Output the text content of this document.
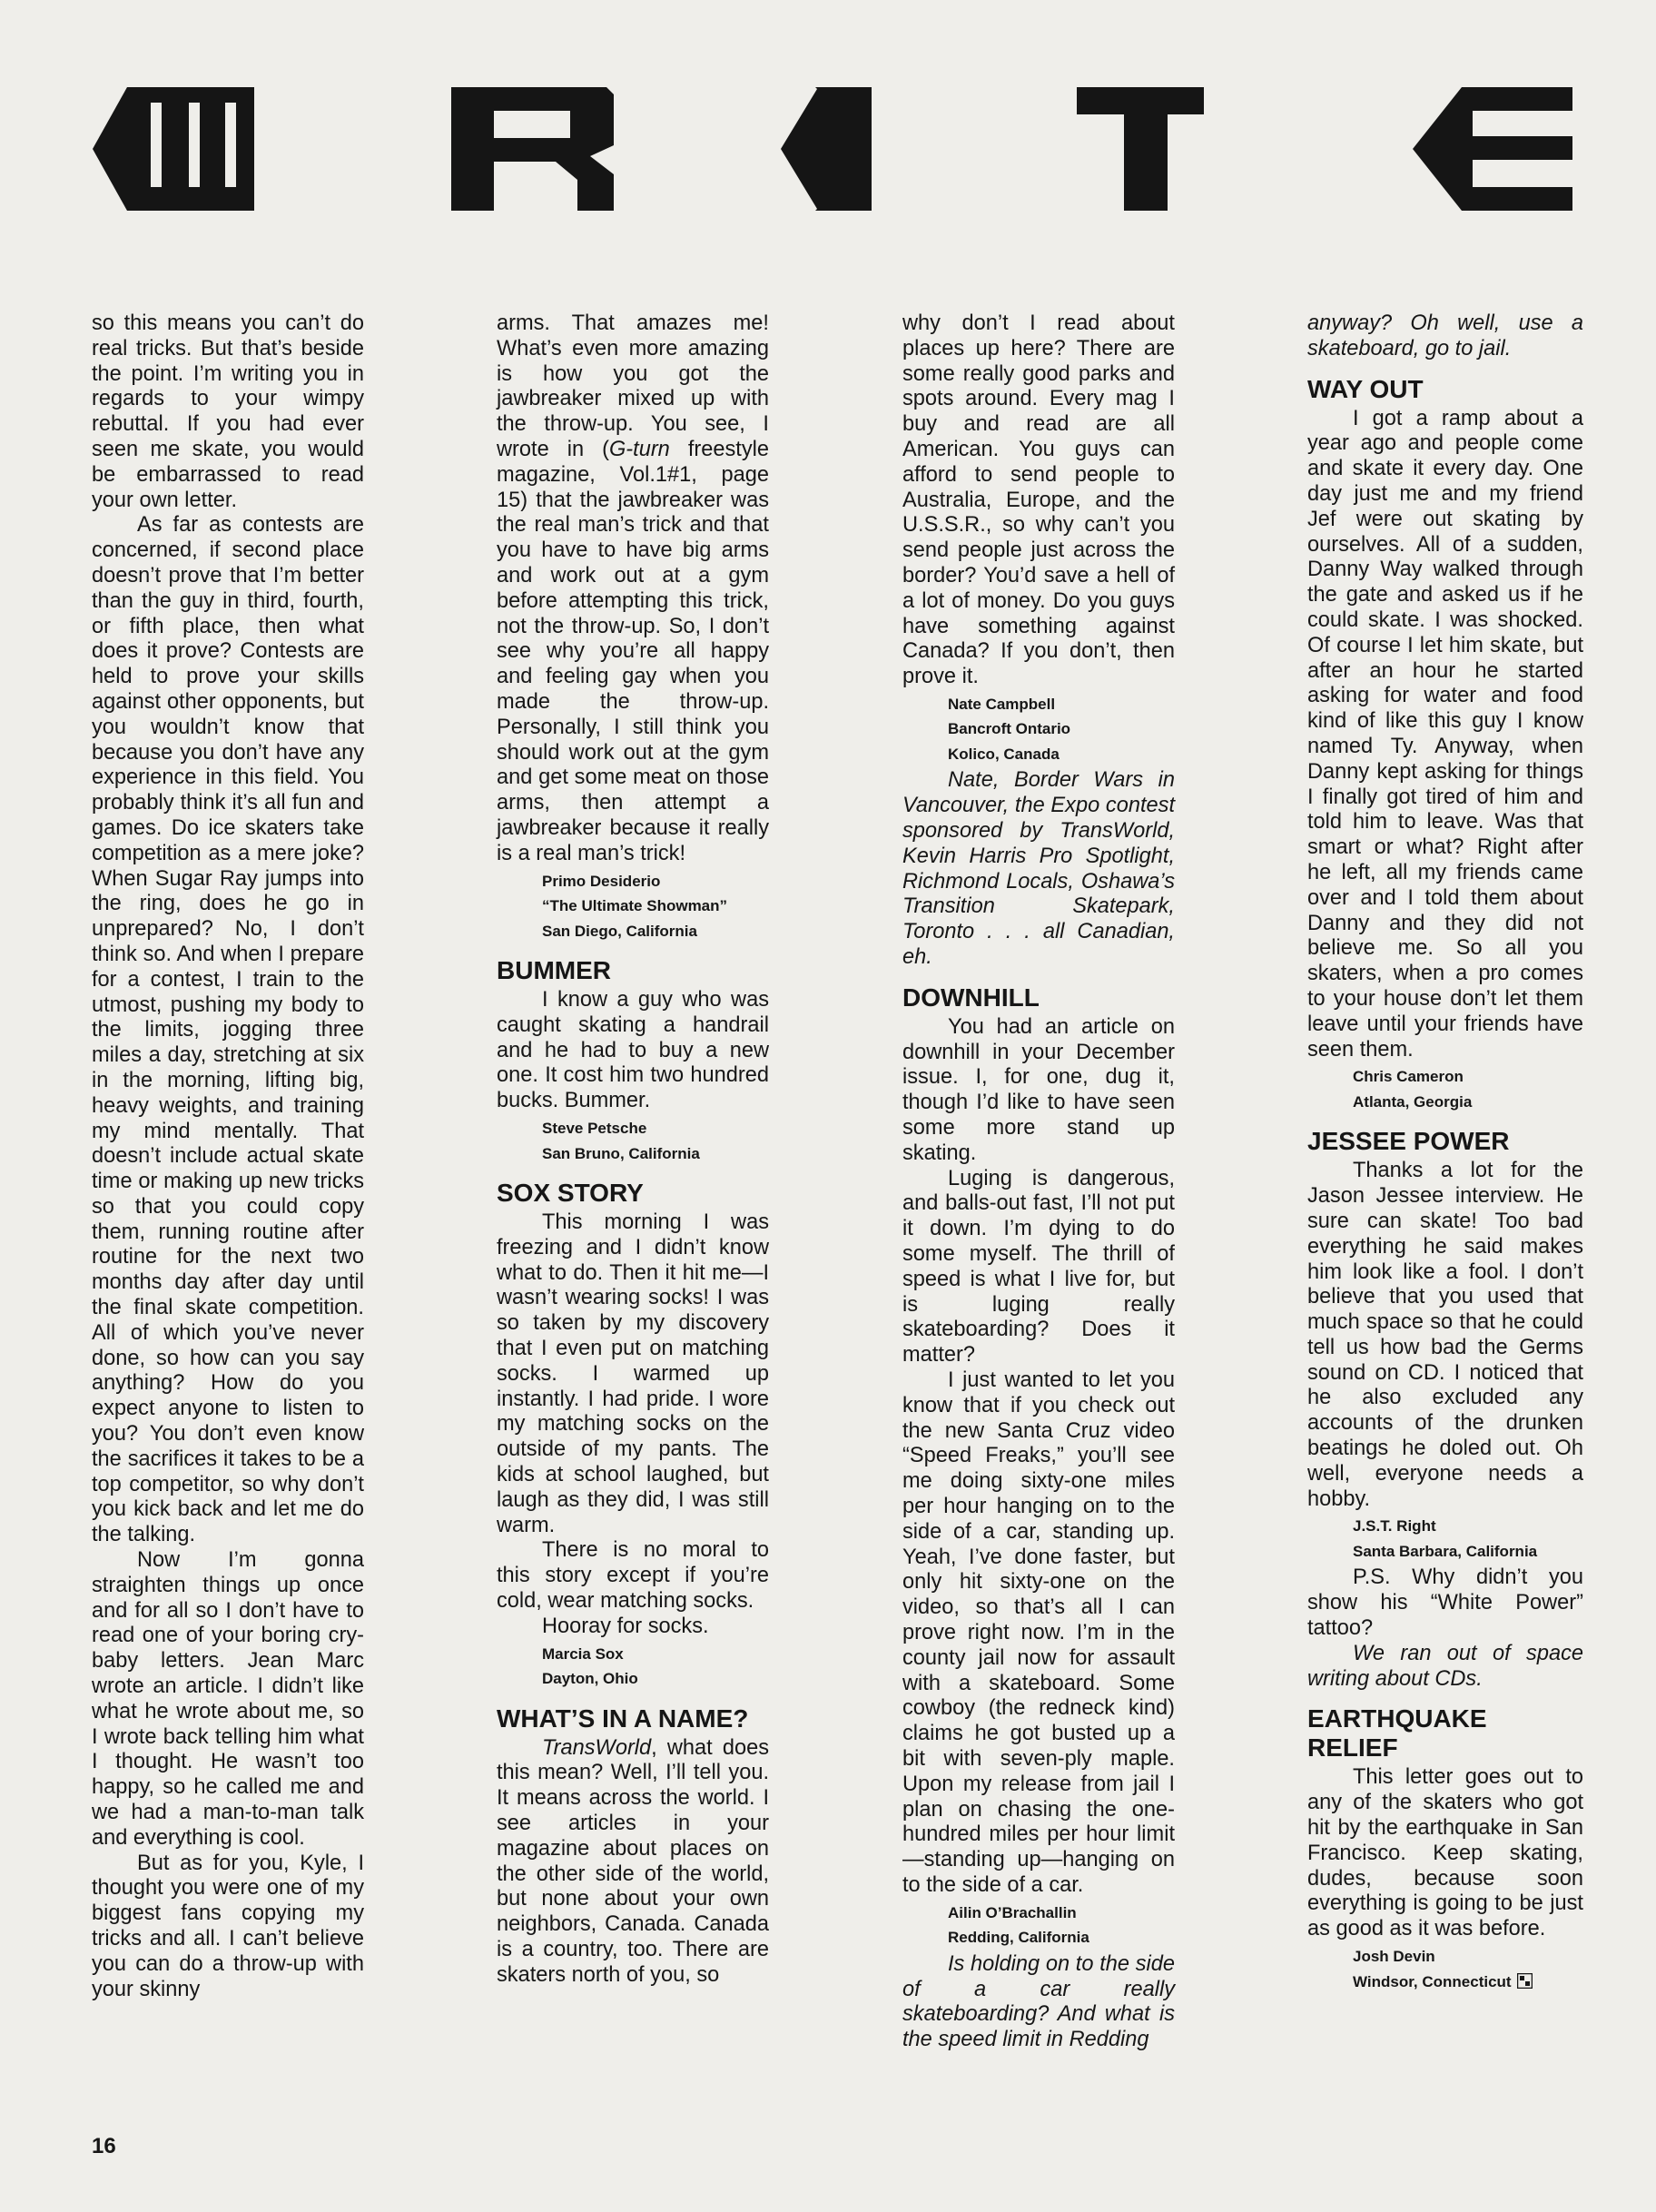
so this means you can’t do real tricks. But that’s beside the point. I’m writing you in regards to your wimpy rebuttal. If you had ever seen me skate, you would be embarrassed to read your own letter.

As far as contests are concerned, if second place doesn’t prove that I’m better than the guy in third, fourth, or fifth place, then what does it prove? Contests are held to prove your skills against other opponents, but you wouldn’t know that because you don’t have any experience in this field. You probably think it’s all fun and games. Do ice skaters take competition as a mere joke? When Sugar Ray jumps into the ring, does he go in unprepared? No, I don’t think so. And when I prepare for a contest, I train to the utmost, pushing my body to the limits, jogging three miles a day, stretching at six in the morning, lifting big, heavy weights, and training my mind mentally. That doesn’t include actual skate time or making up new tricks so that you could copy them, running routine after routine for the next two months day after day until the final skate competition. All of which you’ve never done, so how can you say anything? How do you expect anyone to listen to you? You don’t even know the sacrifices it takes to be a top competitor, so why don’t you kick back and let me do the talking.

Now I’m gonna straighten things up once and for all so I don’t have to read one of your boring cry-baby letters. Jean Marc wrote an article. I didn’t like what he wrote about me, so I wrote back telling him what I thought. He wasn’t too happy, so he called me and we had a man-to-man talk and everything is cool.

But as for you, Kyle, I thought you were one of my biggest fans copying my tricks and all. I can’t believe you can do a throw-up with your skinny

arms. That amazes me! What’s even more amazing is how you got the jawbreaker mixed up with the throw-up. You see, I wrote in (G-turn freestyle magazine, Vol.1#1, page 15) that the jawbreaker was the real man’s trick and that you have to have big arms and work out at a gym before attempting this trick, not the throw-up. So, I don’t see why you’re all happy and feeling gay when you made the throw-up. Personally, I still think you should work out at the gym and get some meat on those arms, then attempt a jawbreaker because it really is a real man’s trick!

Primo Desiderio
“The Ultimate Showman”
San Diego, California
BUMMER

I know a guy who was caught skating a handrail and he had to buy a new one. It cost him two hundred bucks. Bummer.

Steve Petsche
San Bruno, California
SOX STORY

This morning I was freezing and I didn’t know what to do. Then it hit me—I wasn’t wearing socks! I was so taken by my discovery that I even put on matching socks. I warmed up instantly. I had pride. I wore my matching socks on the outside of my pants. The kids at school laughed, but laugh as they did, I was still warm.

There is no moral to this story except if you’re cold, wear matching socks.

Hooray for socks.

Marcia Sox
Dayton, Ohio
WHAT’S IN A NAME?

TransWorld, what does this mean? Well, I’ll tell you. It means across the world. I see articles in your magazine about places on the other side of the world, but none about your own neighbors, Canada. Canada is a country, too. There are skaters north of you, so

why don’t I read about places up here? There are some really good parks and spots around. Every mag I buy and read are all American. You guys can afford to send people to Australia, Europe, and the U.S.S.R., so why can’t you send people just across the border? You’d save a hell of a lot of money. Do you guys have something against Canada? If you don’t, then prove it.

Nate Campbell
Bancroft Ontario
Kolico, Canada

Nate, Border Wars in Vancouver, the Expo contest sponsored by TransWorld, Kevin Harris Pro Spotlight, Richmond Locals, Oshawa’s Transition Skatepark, Toronto . . . all Canadian, eh.

DOWNHILL

You had an article on downhill in your December issue. I, for one, dug it, though I’d like to have seen some more stand up skating.

Luging is dangerous, and balls-out fast, I’ll not put it down. I’m dying to do some myself. The thrill of speed is what I live for, but is luging really skateboarding? Does it matter?

I just wanted to let you know that if you check out the new Santa Cruz video “Speed Freaks,” you’ll see me doing sixty-one miles per hour hanging on to the side of a car, standing up. Yeah, I’ve done faster, but only hit sixty-one on the video, so that’s all I can prove right now. I’m in the county jail now for assault with a skateboard. Some cowboy (the redneck kind) claims he got busted up a bit with seven-ply maple. Upon my release from jail I plan on chasing the one-hundred miles per hour limit—standing up—hanging on to the side of a car.

Ailin O’Brachallin
Redding, California

Is holding on to the side of a car really skateboarding? And what is the speed limit in Redding

anyway? Oh well, use a skateboard, go to jail.

WAY OUT

I got a ramp about a year ago and people come and skate it every day. One day just me and my friend Jef were out skating by ourselves. All of a sudden, Danny Way walked through the gate and asked us if he could skate. I was shocked. Of course I let him skate, but after an hour he started asking for water and food kind of like this guy I know named Ty. Anyway, when Danny kept asking for things I finally got tired of him and told him to leave. Was that smart or what? Right after he left, all my friends came over and I told them about Danny and they did not believe me. So all you skaters, when a pro comes to your house don’t let them leave until your friends have seen them.

Chris Cameron
Atlanta, Georgia
JESSEE POWER

Thanks a lot for the Jason Jessee interview. He sure can skate! Too bad everything he said makes him look like a fool. I don’t believe that you used that much space so that he could tell us how bad the Germs sound on CD. I noticed that he also excluded any accounts of the drunken beatings he doled out. Oh well, everyone needs a hobby.

J.S.T. Right
Santa Barbara, California

P.S. Why didn’t you show his “White Power” tattoo?

We ran out of space writing about CDs.

EARTHQUAKE RELIEF

This letter goes out to any of the skaters who got hit by the earthquake in San Francisco. Keep skating, dudes, because soon everything is going to be just as good as it was before.

Josh Devin
Windsor, Connecticut
16
